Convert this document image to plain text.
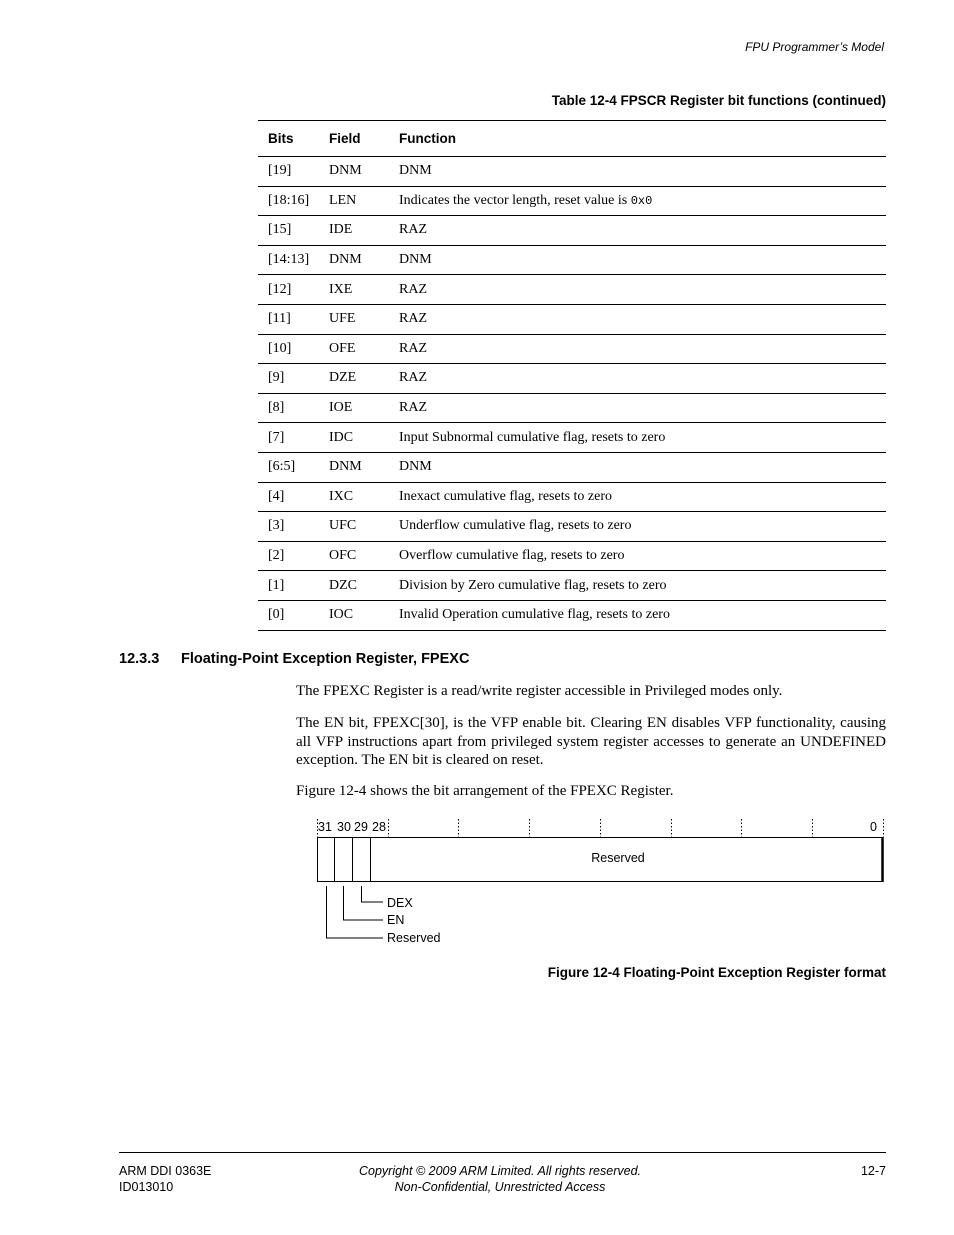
FPU Programmer’s Model
Table 12-4 FPSCR Register bit functions (continued)
Bits	Field	Function
[19]	DNM	DNM
[18:16]	LEN	Indicates the vector length, reset value is 0x0
[15]	IDE	RAZ
[14:13]	DNM	DNM
[12]	IXE	RAZ
[11]	UFE	RAZ
[10]	OFE	RAZ
[9]	DZE	RAZ
[8]	IOE	RAZ
[7]	IDC	Input Subnormal cumulative flag, resets to zero
[6:5]	DNM	DNM
[4]	IXC	Inexact cumulative flag, resets to zero
[3]	UFC	Underflow cumulative flag, resets to zero
[2]	OFC	Overflow cumulative flag, resets to zero
[1]	DZC	Division by Zero cumulative flag, resets to zero
[0]	IOC	Invalid Operation cumulative flag, resets to zero
12.3.3 Floating-Point Exception Register, FPEXC
The FPEXC Register is a read/write register accessible in Privileged modes only.
The EN bit, FPEXC[30], is the VFP enable bit. Clearing EN disables VFP functionality, causing all VFP instructions apart from privileged system register accesses to generate an UNDEFINED exception. The EN bit is cleared on reset.
Figure 12-4 shows the bit arrangement of the FPEXC Register.
31 30 29 28	0
Reserved
DEX
EN
Reserved
Figure 12-4 Floating-Point Exception Register format
ARM DDI 0363E
ID013010
Copyright © 2009 ARM Limited. All rights reserved.
Non-Confidential, Unrestricted Access
12-7
